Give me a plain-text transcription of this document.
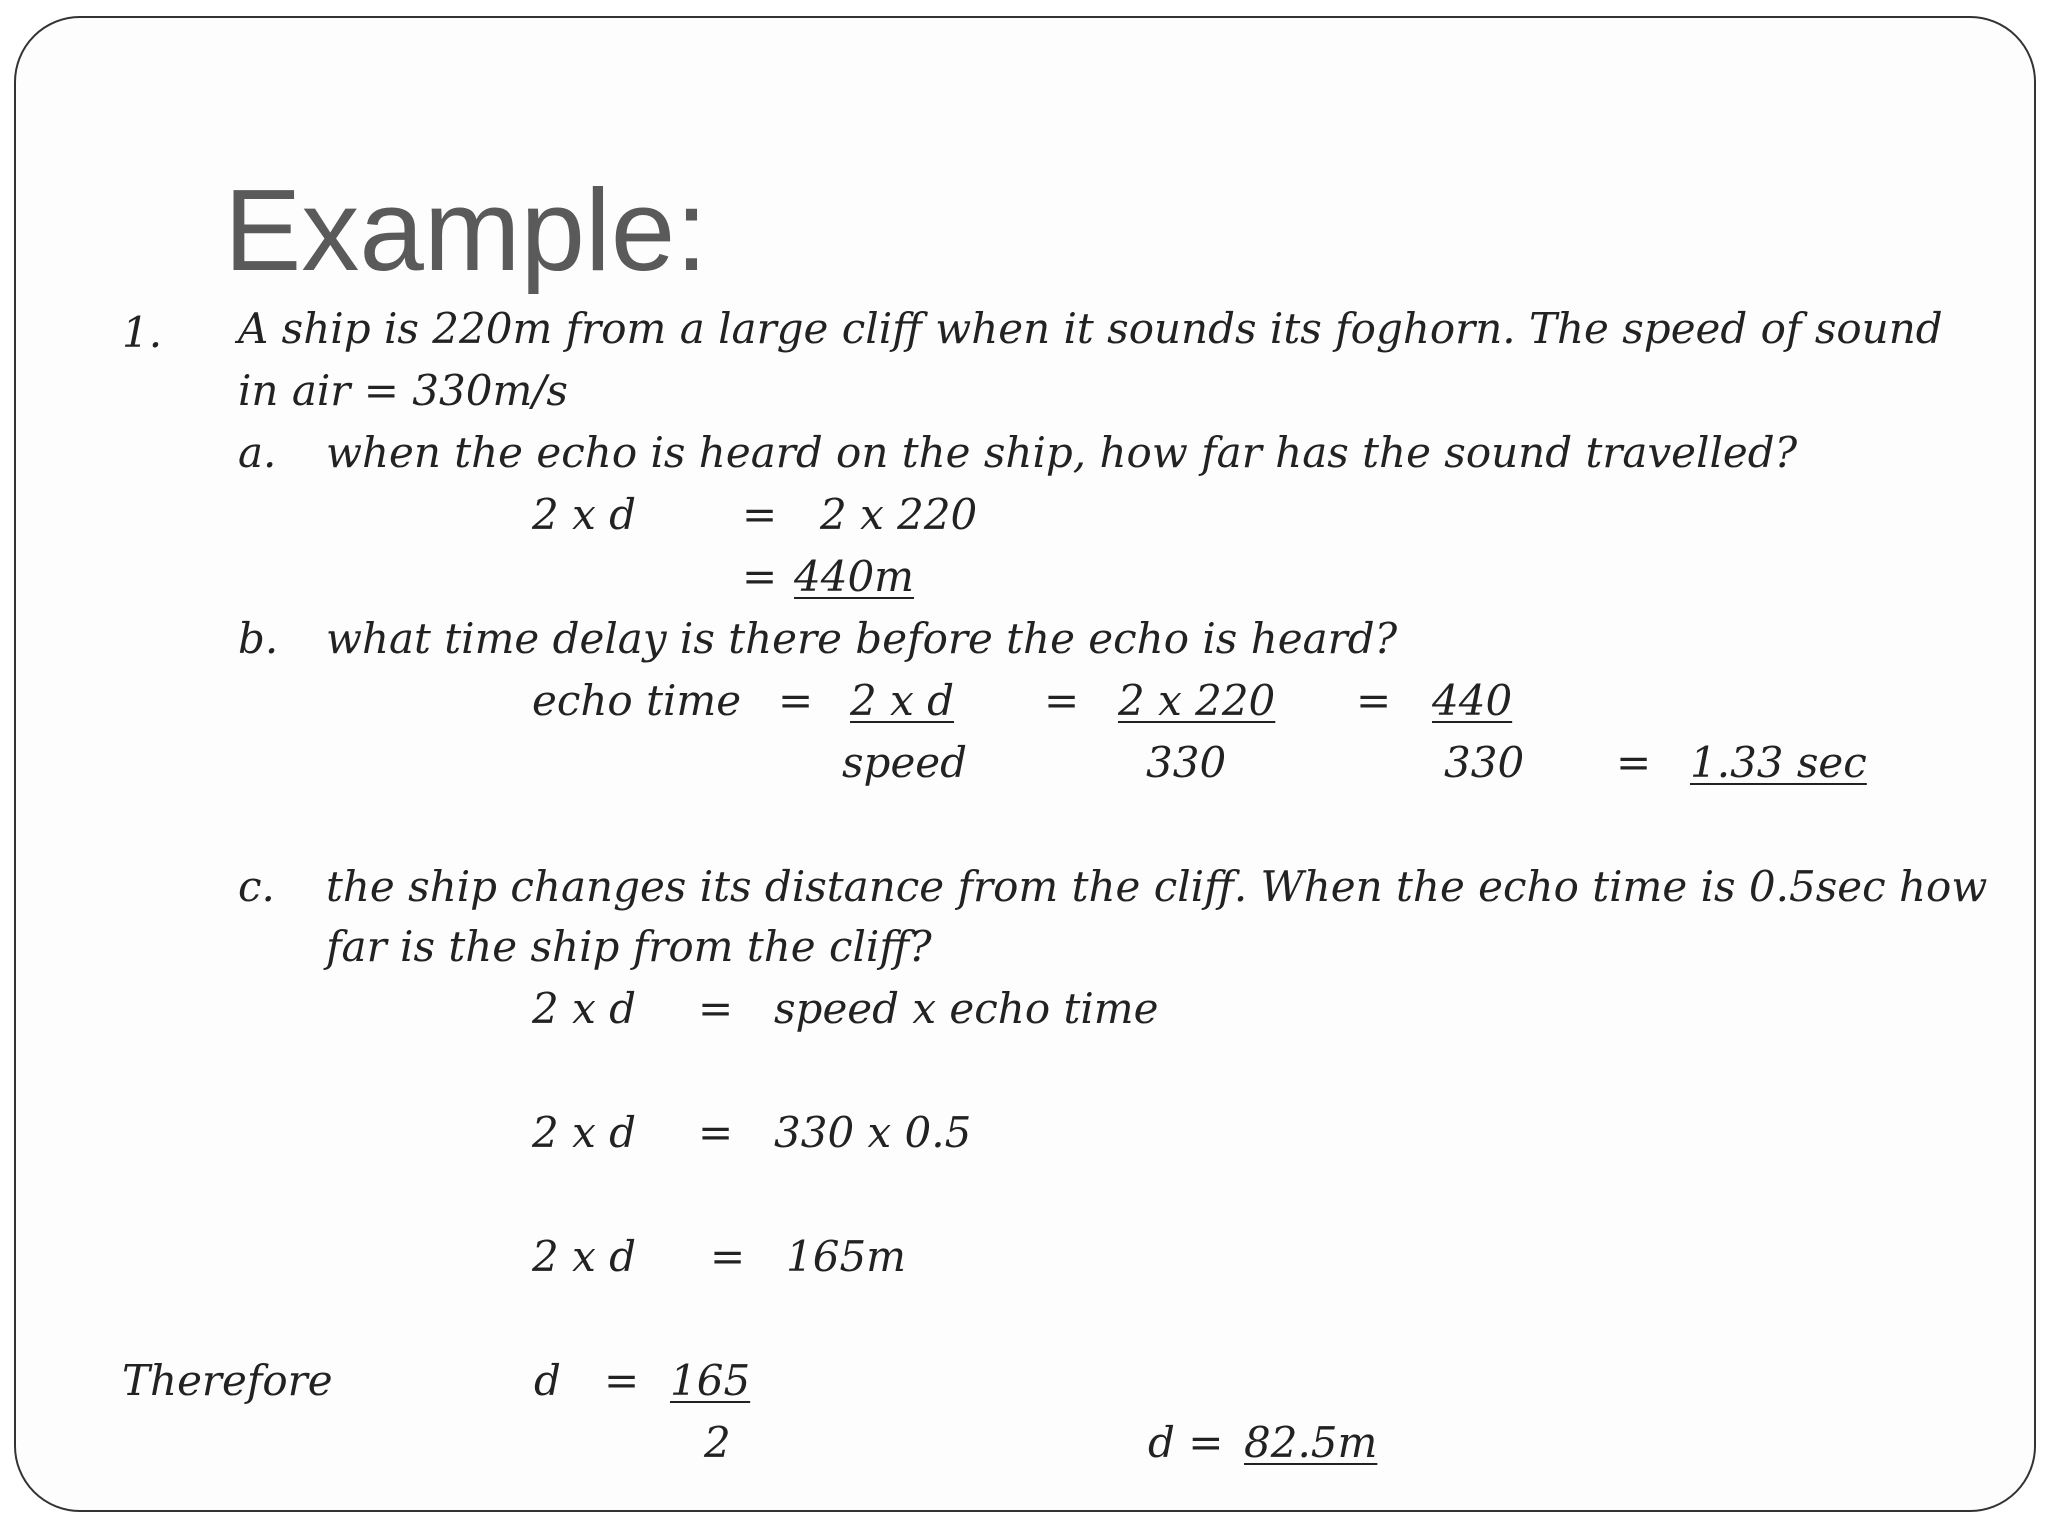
Example:
1. A ship is 220m from a large cliff when it sounds its foghorn. The speed of sound
in air = 330m/s
a. when the echo is heard on the ship, how far has the sound travelled?
2 x d	= 2 x 220
= 440m
b. what time delay is there before the echo is heard?
echo time = 2 x d
speed
= 2 x 220
330
= 440
330 = 1.33 sec
c. the ship changes its distance from the cliff. When the echo time is 0.5sec how
far is the ship from the cliff?
2 x d = speed x echo time
2 x d = 330 x 0.5
2 x d = 165m
Therefore	d = 165
2	d = 82.5m
